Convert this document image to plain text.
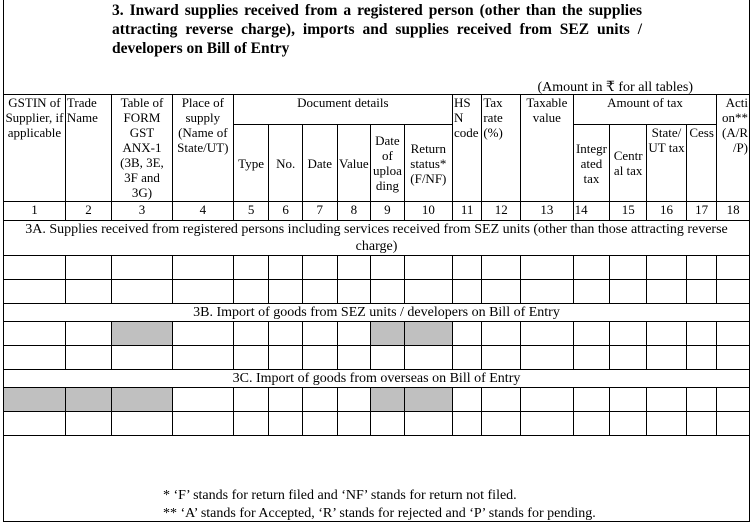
3. Inward supplies received from a registered person (other than the supplies attracting reverse charge), imports and supplies received from SEZ units / developers on Bill of Entry
(Amount in ₹ for all tables)
GSTIN of Supplier, if applicable	Trade Name	Table of FORM GST ANX-1 (3B, 3E, 3F and 3G)	Place of supply (Name of State/UT)	Document details						HS N code	Tax rate (%)	Taxable value	Amount of tax				Acti on** (A/R /P)
				Type	No.	Date	Value	Date of uploa ding	Return status* (F/NF)				Integr ated tax	Centr al tax	State/ UT tax	Cess	
1	2	3	4	5	6	7	8	9	10	11	12	13	14	15	16	17	18
3A. Supplies received from registered persons including services received from SEZ units (other than those attracting reverse charge)																	

3B. Import of goods from SEZ units / developers on Bill of Entry																	

3C. Import of goods from overseas on Bill of Entry																	

* ‘F’ stands for return filed and ‘NF’ stands for return not filed.
** ‘A’ stands for Accepted, ‘R’ stands for rejected and ‘P’ stands for pending.
